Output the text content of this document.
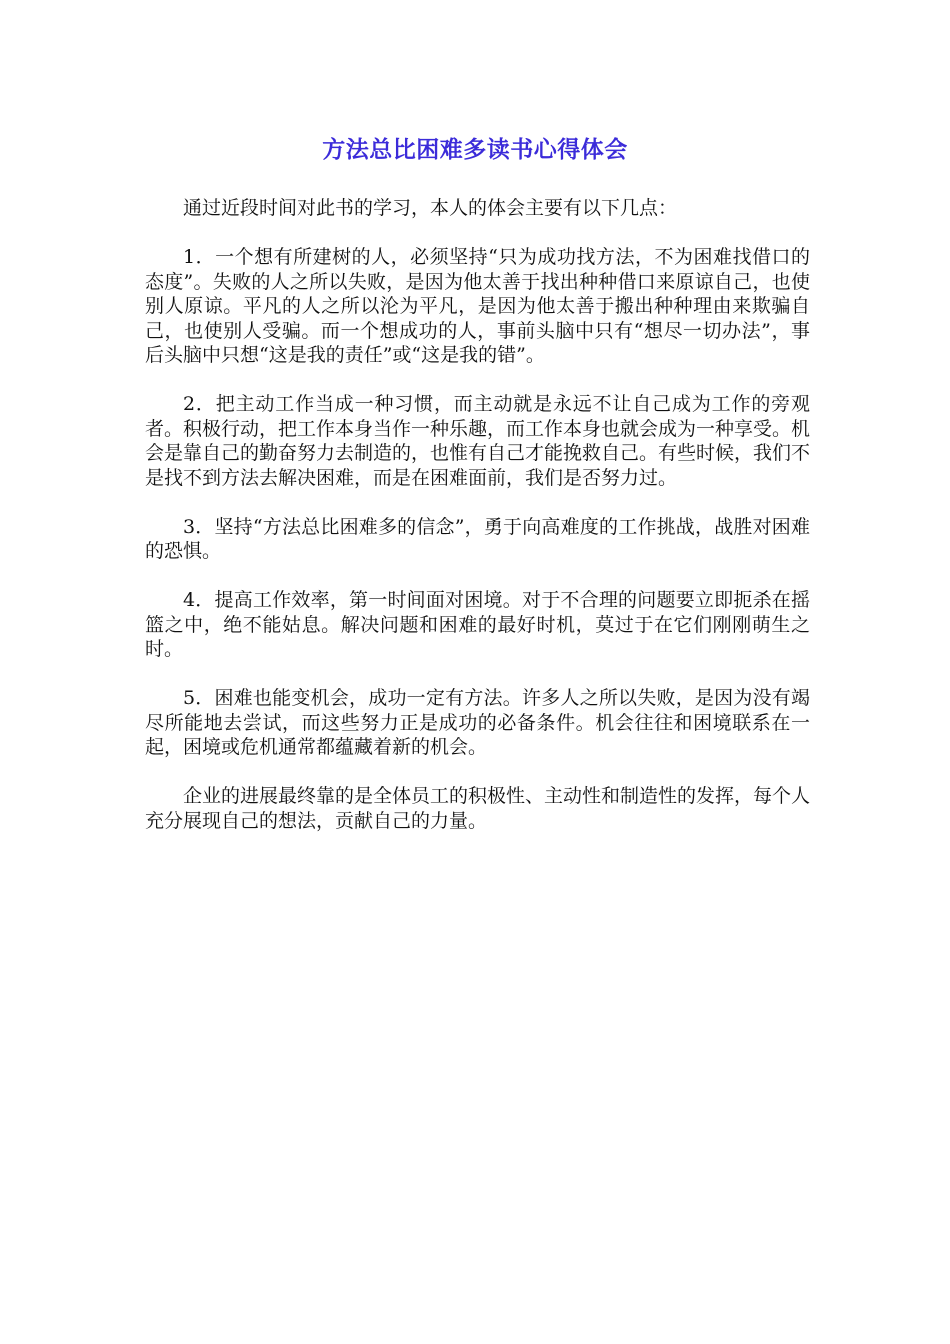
方法总比困难多读书心得体会

通过近段时间对此书的学习，本人的体会主要有以下几点：

1．一个想有所建树的人，必须坚持“只为成功找方法，不为困难找借口的态度”。失败的人之所以失败，是因为他太善于找出种种借口来原谅自己，也使别人原谅。平凡的人之所以沦为平凡，是因为他太善于搬出种种理由来欺骗自己，也使别人受骗。而一个想成功的人，事前头脑中只有“想尽一切办法”，事后头脑中只想“这是我的责任”或“这是我的错”。

2．把主动工作当成一种习惯，而主动就是永远不让自己成为工作的旁观者。积极行动，把工作本身当作一种乐趣，而工作本身也就会成为一种享受。机会是靠自己的勤奋努力去制造的，也惟有自己才能挽救自己。有些时候，我们不是找不到方法去解决困难，而是在困难面前，我们是否努力过。

3．坚持“方法总比困难多的信念”，勇于向高难度的工作挑战，战胜对困难的恐惧。

4．提高工作效率，第一时间面对困境。对于不合理的问题要立即扼杀在摇篮之中，绝不能姑息。解决问题和困难的最好时机，莫过于在它们刚刚萌生之时。

5．困难也能变机会，成功一定有方法。许多人之所以失败，是因为没有竭尽所能地去尝试，而这些努力正是成功的必备条件。机会往往和困境联系在一起，困境或危机通常都蕴藏着新的机会。

企业的进展最终靠的是全体员工的积极性、主动性和制造性的发挥，每个人充分展现自己的想法，贡献自己的力量。
